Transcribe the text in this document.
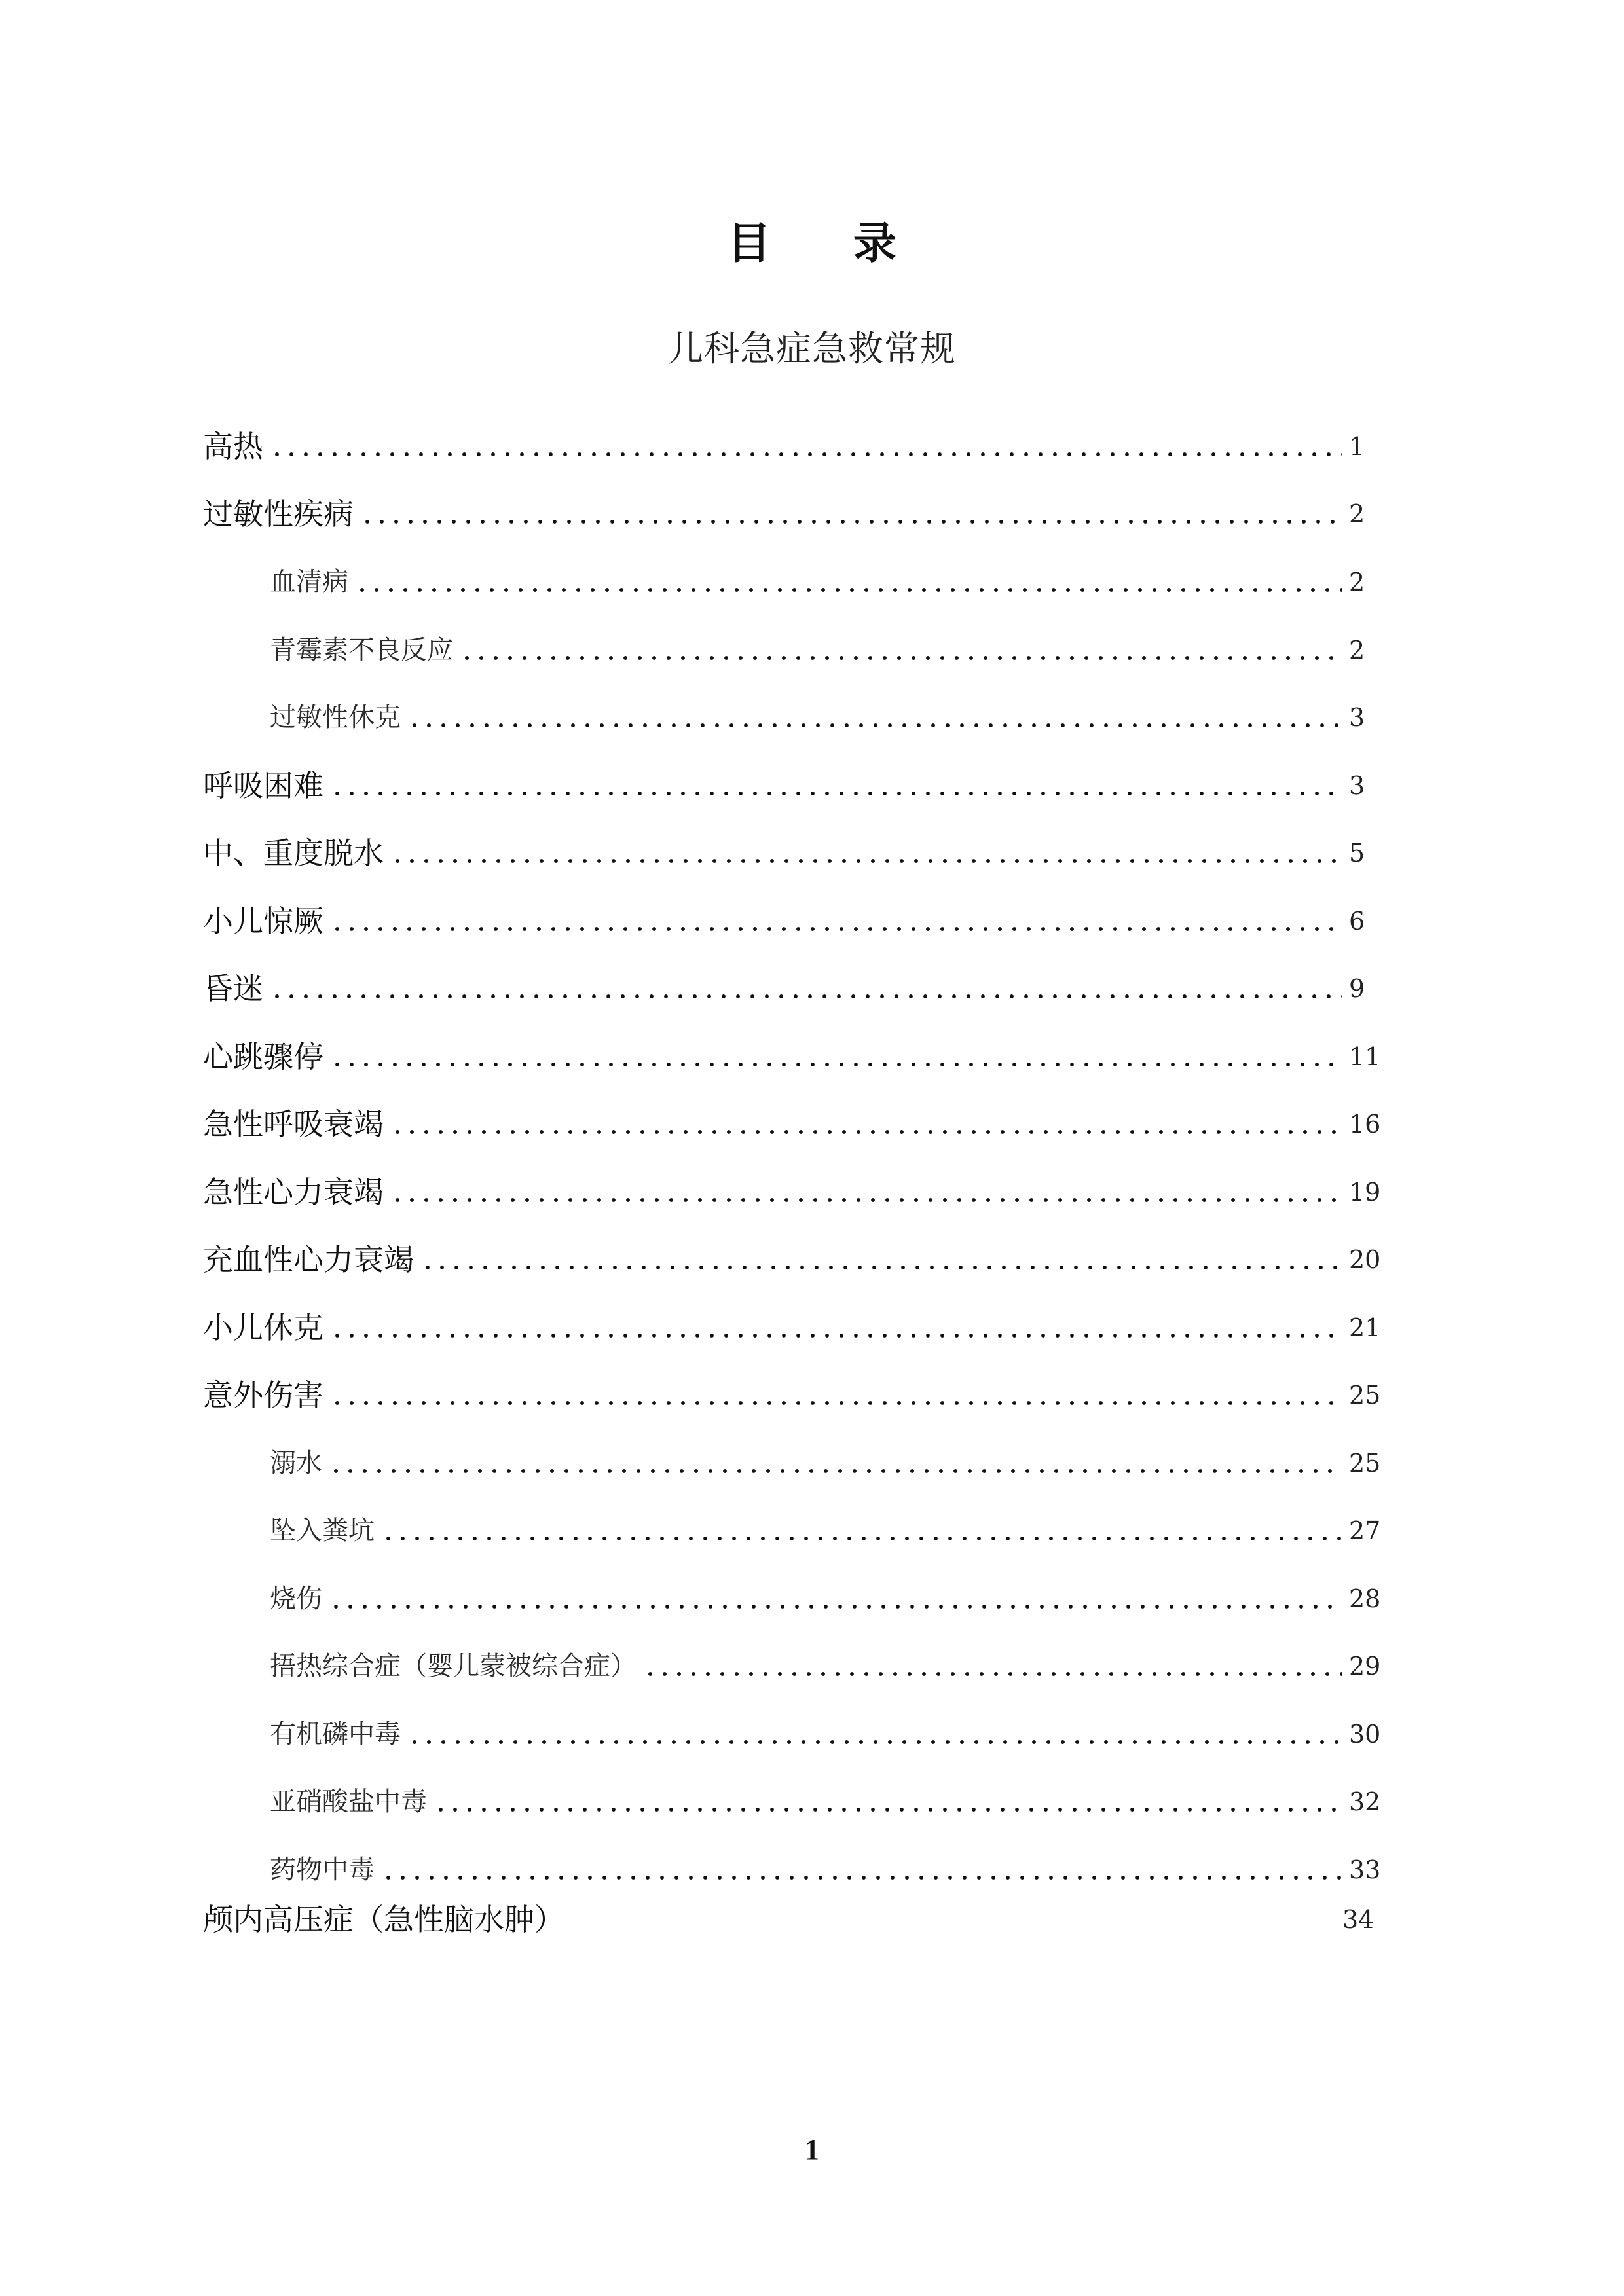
目录
儿科急症急救常规
高热	1
过敏性疾病	2
血清病	2
青霉素不良反应	2
过敏性休克	3
呼吸困难	3
中、重度脱水	5
小儿惊厥	6
昏迷	9
心跳骤停	11
急性呼吸衰竭	16
急性心力衰竭	19
充血性心力衰竭	20
小儿休克	21
意外伤害	25
溺水	25
坠入粪坑	27
烧伤	28
捂热综合症（婴儿蒙被综合症）	29
有机磷中毒	30
亚硝酸盐中毒	32
药物中毒	33
颅内高压症（急性脑水肿）	34
1
